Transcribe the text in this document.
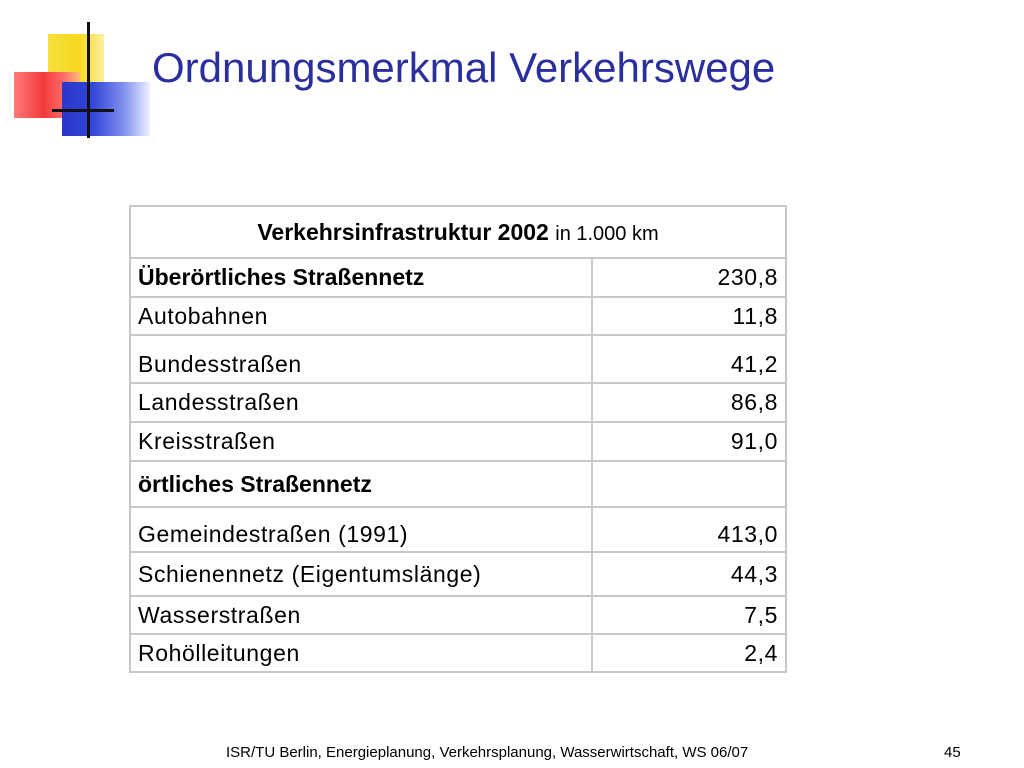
Ordnungsmerkmal Verkehrswege
Verkehrsinfrastruktur 2002 in 1.000 km	
Überörtliches Straßennetz	230,8
Autobahnen	11,8
Bundesstraßen	41,2
Landesstraßen	86,8
Kreisstraßen	91,0
örtliches Straßennetz	
Gemeindestraßen (1991)	413,0
Schienennetz (Eigentumslänge)	44,3
Wasserstraßen	7,5
Rohölleitungen	2,4
ISR/TU Berlin, Energieplanung, Verkehrsplanung, Wasserwirtschaft, WS 06/07	45
